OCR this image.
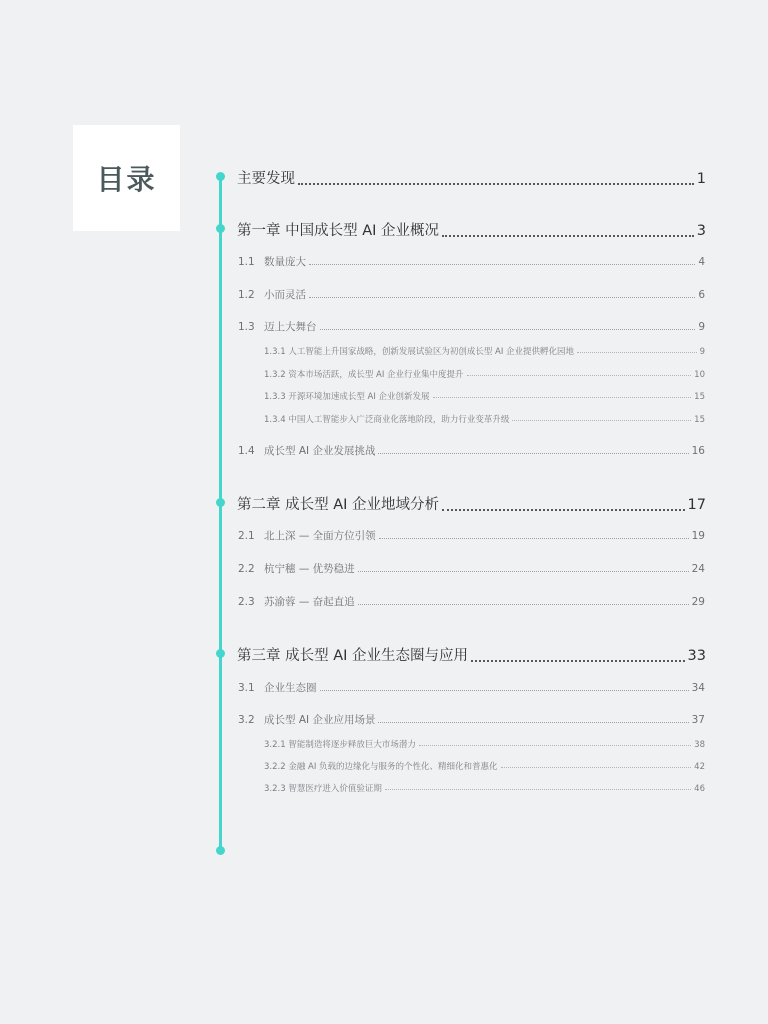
目录	主要发现	1
第一章 中国成长型 AI 企业概况	3
1.1 数量庞大	4
1.2 小而灵活	6
1.3 迈上大舞台	9
1.3.1 人工智能上升国家战略，创新发展试验区为初创成长型 AI 企业提供孵化园地	9
1.3.2 资本市场活跃，成长型 AI 企业行业集中度提升	10
1.3.3 开源环境加速成长型 AI 企业创新发展	15
1.3.4 中国人工智能步入广泛商业化落地阶段，助力行业变革升级	15
1.4 成长型 AI 企业发展挑战	16
第二章 成长型 AI 企业地域分析	17
2.1 北上深 — 全面方位引领	19
2.2 杭宁穗 — 优势稳进	24
2.3 苏渝蓉 — 奋起直追	29
第三章 成长型 AI 企业生态圈与应用	33
3.1 企业生态圈	34
3.2 成长型 AI 企业应用场景	37
3.2.1 智能制造将逐步释放巨大市场潜力	38
3.2.2 金融 AI 负载的边缘化与服务的个性化、精细化和普惠化	42
3.2.3 智慧医疗进入价值验证期	46
